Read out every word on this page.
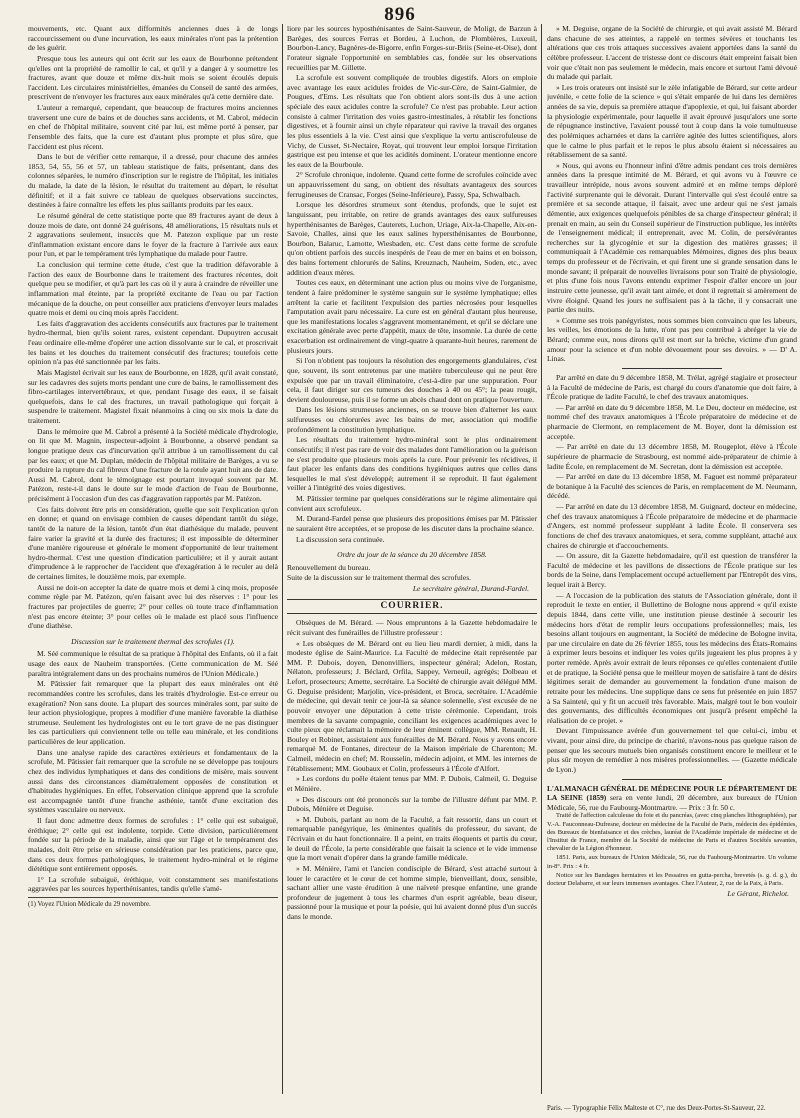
896

mouvements, etc. Quant aux difformités anciennes dues à de longs raccourcissement ou d'une incurvation, les eaux minérales n'ont pas la prétention de les guérir.

Presque tous les auteurs qui ont écrit sur les eaux de Bourbonne prétendent qu'elles ont la propriété de ramollir le cal, et qu'il y a danger à y soumettre les fractures, avant que douze et même dix-huit mois se soient écoulés depuis l'accident. Les circulaires ministérielles, émanées du Conseil de santé des armées, prescrivent de n'envoyer les fractures aux eaux minérales qu'à cette dernière date.

L'auteur a remarqué, cependant, que beaucoup de fractures moins anciennes traversent une cure de bains et de douches sans accidents, et M. Cabrol, médecin en chef de l'hôpital militaire, souvent cité par lui, est même porté à penser, par l'ensemble des faits, que la cure est d'autant plus prompte et plus sûre, que l'accident est plus récent.

Dans le but de vérifier cette remarque, il a dressé, pour chacune des années 1853, 54, 55, 56 et 57, un tableau statistique de faits, présentant, dans des colonnes séparées, le numéro d'inscription sur le registre de l'hôpital, les initiales du malade, la date de la lésion, le résultat du traitement au départ, le résultat définitif; et il a fait suivre ce tableau de quelques observations succinctes, destinées à faire connaître les effets les plus saillants produits par les eaux.

Le résumé général de cette statistique porte que 89 fractures ayant de deux à douze mois de date, ont donné 24 guérisons, 48 améliorations, 15 résultats nuls et 2 aggravations seulement, insuccès que M. Patezon explique par un reste d'inflammation existant encore dans le foyer de la fracture à l'arrivée aux eaux pour l'un, et par le tempérament très lymphatique du malade pour l'autre.

La conclusion qui termine cette étude, c'est que la tradition défavorable à l'action des eaux de Bourbonne dans le traitement des fractures récentes, doit quelque peu se modifier, et qu'à part les cas où il y aura à craindre de réveiller une inflammation mal éteinte, par la propriété excitante de l'eau ou par l'action mécanique de la douche, on peut conseiller aux praticiens d'envoyer leurs malades quatre mois et demi ou cinq mois après l'accident.

Les faits d'aggravation des accidents consécutifs aux fractures par le traitement hydro-thermal, bien qu'ils soient rares, existent cependant. Dupuytren accusait l'eau ordinaire elle-même d'opérer une action dissolvante sur le cal, et proscrivait les bains et les douches du traitement consécutif des fractures; toutefois cette opinion n'a pas été sanctionnée par les faits.

Mais Magistel écrivait sur les eaux de Bourbonne, en 1828, qu'il avait constaté, sur les cadavres des sujets morts pendant une cure de bains, le ramollissement des fibro-cartilages intervertébraux, et que, pendant l'usage des eaux, il se faisait quelquefois, dans le cal des fractures, un travail pathologique qui forçait à suspendre le traitement. Magistel fixait néanmoins à cinq ou six mois la date du traitement.

Dans le mémoire que M. Cabrol a présenté à la Société médicale d'hydrologie, on lit que M. Magnin, inspecteur-adjoint à Bourbonne, a observé pendant sa longue pratique deux cas d'incurvation qu'il attribue à un ramollissement du cal par les eaux; et que M. Duplan, médecin de l'hôpital militaire de Barèges, a vu se produire la rupture du cal fibreux d'une fracture de la rotule ayant huit ans de date. Aussi M. Cabrol, dont le témoignage est pourtant invoqué souvent par M. Patézon, reste-t-il dans le doute sur le mode d'action de l'eau de Bourbonne, précisément à l'occasion d'un des cas d'aggravation rapportés par M. Patézon.

Ces faits doivent être pris en considération, quelle que soit l'explication qu'on en donne; et quand on envisage combien de causes dépendant tantôt du siége, tantôt de la nature de la lésion, tantôt d'un état diathésique du malade, peuvent faire varier la gravité et la durée des fractures; il est impossible de déterminer d'une manière rigoureuse et générale le moment d'opportunité de leur traitement hydro-thermal. C'est une question d'indication particulière; et il y aurait autant d'imprudence à le rapprocher de l'accident que d'exagération à le reculer au delà de certaines limites, le douzième mois, par exemple.

Aussi ne doit-on accepter la date de quatre mois et demi à cinq mois, proposée comme règle par M. Patézon, qu'en faisant avec lui des réserves : 1° pour les fractures par projectiles de guerre; 2° pour celles où toute trace d'inflammation n'est pas encore éteinte; 3° pour celles où le malade est placé sous l'influence d'une diathèse.

Discussion sur le traitement thermal des scrofules (1).

M. Séé communique le résultat de sa pratique à l'hôpital des Enfants, où il a fait usage des eaux de Nauheim transportées. (Cette communication de M. Séé paraîtra intégralement dans un des prochains numéros de l'Union Médicale.)

M. Pâtissier fait remarquer que la plupart des eaux minérales ont été recommandées contre les scrofules, dans les traités d'hydrologie. Est-ce erreur ou exagération? Non sans doute. La plupart des sources minérales sont, par suite de leur action physiologique, propres à modifier d'une manière favorable la diathèse strumeuse. Seulement les hydrologistes ont eu le tort grave de ne pas distinguer les cas particuliers qui conviennent telle ou telle eau minérale, et les conditions particulières de leur application.

Dans une analyse rapide des caractères extérieurs et fondamentaux de la scrofule, M. Pâtissier fait remarquer que la scrofule ne se développe pas toujours chez des individus lymphatiques et dans des conditions de misère, mais souvent aussi dans des circonstances diamétralement opposées de constitution et d'habitudes hygiéniques. En effet, l'observation clinique apprend que la scrofule est accompagnée tantôt d'une franche asthénie, tantôt d'une excitation des systèmes vasculaire ou nerveux.

Il faut donc admettre deux formes de scrofules : 1° celle qui est subaiguë, éréthique; 2° celle qui est indolente, torpide. Cette division, particulièrement fondée sur la période de la maladie, ainsi que sur l'âge et le tempérament des malades, doit être prise en sérieuse considération par les praticiens, parce que, dans ces deux formes pathologiques, le traitement hydro-minéral et le régime diététique sont entièrement opposés.

1° La scrofule subaiguë, éréthique, voit constamment ses manifestations aggravées par les sources hyperthénisantes, tandis qu'elle s'amé-

(1) Voyez l'Union Médicale du 29 novembre.

liore par les sources hyposthénisantes de Saint-Sauveur, de Moligt, de Barzun à Barèges, des sources Ferras et Bordeu, à Luchon, de Plombières, Luxeuil, Bourbon-Lancy, Bagnères-de-Bigorre, enfin Forges-sur-Briis (Seine-et-Oise), dont l'orateur signale l'opportunité en semblables cas, fondée sur les observations recueillies par M. Gillette.

La scrofule est souvent compliquée de troubles digestifs. Alors on emploie avec avantage les eaux acidules froides de Vic-sur-Cère, de Saint-Galmier, de Pougues, d'Ems. Les résultats que l'on obtient alors sont-ils dus à une action spéciale des eaux acidules contre la scrofule? Ce n'est pas probable. Leur action consiste à calmer l'irritation des voies gastro-intestinales, à rétablir les fonctions digestives, et à fournir ainsi un chyle réparateur qui ravive la travail des organes les plus essentiels à la vie. C'est ainsi que s'explique la vertu antiscrofuleuse de Vichy, de Cusset, St-Nectaire, Royat, qui trouvent leur emploi lorsque l'irritation gastrique est peu intense et que les acidités dominent. L'orateur mentionne encore les eaux de la Bourboule.

2° Scrofule chronique, indolente. Quand cette forme de scrofules coïncide avec un appauvrissement du sang, on obtient des résultats avantageux des sources ferrugineuses de Cransac, Forges (Seine-Inférieure), Passy, Spa, Schwalbach.

Lorsque les désordres strumeux sont étendus, profonds, que le sujet est languissant, peu irritable, on retire de grands avantages des eaux sulfureuses hyperthénisantes de Barèges, Cauterets, Luchon, Uriage, Aix-la-Chapelle, Aix-en-Savoie, Challes, ainsi que les eaux salines hypersthénisantes de Bourbonne, Bourbon, Balaruc, Lamotte, Wiesbaden, etc. C'est dans cette forme de scrofule qu'on obtient parfois des succès inespérés de l'eau de mer en bains et en boisson, des bains fortement chlorurés de Salins, Kreuznach, Nauheim, Soden, etc., avec addition d'eaux mères.

Toutes ces eaux, en déterminant une action plus ou moins vive de l'organisme, tendent à faire prédominer le système sanguin sur le système lymphatique; elles arrêtent la carie et facilitent l'expulsion des parties nécrosées pour lesquelles l'amputation avait paru nécessaire. La cure est en général d'autant plus heureuse, que les manifestations locales s'aggravent momentanément, et qu'il se déclare une excitation générale avec perte d'appétit, maux de tête, insomnie. La durée de cette exacerbation est ordinairement de vingt-quatre à quarante-huit heures, rarement de plusieurs jours.

Si l'on n'obtient pas toujours la résolution des engorgements glandulaires, c'est que, souvent, ils sont entretenus par une matière tuberculeuse qui ne peut être expulsée que par un travail éliminatoire, c'est-à-dire par une suppuration. Pour cela, il faut diriger sur ces tumeurs des douches à 40 ou 45°; la peau rougit, devient douloureuse, puis il se forme un abcès chaud dont on pratique l'ouverture.

Dans les lésions strumeuses anciennes, on se trouve bien d'alterner les eaux sulfureuses ou chlorurées avec les bains de mer, association qui modifie profondément la constitution lymphatique.

Les résultats du traitement hydro-minéral sont le plus ordinairement consécutifs; il n'est pas rare de voir des malades dont l'amélioration ou la guérison ne s'est produite que plusieurs mois après la cure. Pour prévenir les récidives, il faut placer les enfants dans des conditions hygiéniques autres que celles dans lesquelles le mal s'est développé; autrement il se reproduit. Il faut également veiller à l'intégrité des voies digestives.

M. Pâtissier termine par quelques considérations sur le régime alimentaire qui convient aux scrofuleux.

M. Durand-Fardel pense que plusieurs des propositions émises par M. Pâtissier ne sauraient être acceptées, et se propose de les discuter dans la prochaine séance.

La discussion sera continuée.

Ordre du jour de la séance du 20 décembre 1858.

Renouvellement du bureau.

Suite de la discussion sur le traitement thermal des scrofules.

Le secrétaire général, Durand-Fardel.
COURRIER.

Obsèques de M. Bérard. — Nous empruntons à la Gazette hebdomadaire le récit suivant des funérailles de l'illustre professeur :

« Les obsèques de M. Bérard ont eu lieu lieu mardi dernier, à midi, dans la modeste église de Saint-Maurice. La Faculté de médecine était représentée par MM. P. Dubois, doyen, Denonvilliers, inspecteur général; Adelon, Rostan, Nélaton, professeurs; J. Béclard, Orfila, Sappey, Verneuil, agrégés; Dolbeau et Lefort, prosecteurs; Amette, secrétaire. La Société de chirurgie avait délégué MM. G. Deguise président; Marjolin, vice-président, et Broca, secrétaire. L'Académie de médecine, qui devait tenir ce jour-là sa séance solennelle, s'est excusée de ne pouvoir envoyer une députation à cette triste cérémonie. Cependant, trois membres de la savante compagnie, conciliant les exigences académiques avec le culte pieux que réclamait la mémoire de leur éminent collègue, MM. Renault, H. Bouley et Robinet, assistaient aux funérailles de M. Bérard. Nous y avons encore remarqué M. de Fontanes, directeur de la Maison impériale de Charenton; M. Calmeil, médecin en chef; M. Rousselin, médecin adjoint, et MM. les internes de l'établissement; MM. Goubaux et Colin, professeurs à l'École d'Alfort.

» Les cordons du poêle étaient tenus par MM. P. Dubois, Calmeil, G. Deguise et Ménière.

» Des discours ont été prononcés sur la tombe de l'illustre défunt par MM. P. Dubois, Ménière et Deguise.

» M. Dubois, parlant au nom de la Faculté, a fait ressortir, dans un court et remarquable panégyrique, les éminentes qualités du professeur, du savant, de l'écrivain et du haut fonctionnaire. Il a peint, en traits éloquents et partis du cœur, le deuil de l'École, la perte considérable que faisait la science et le vide immense que la mort venait d'opérer dans la grande famille médicale.

» M. Ménière, l'ami et l'ancien condisciple de Bérard, s'est attaché surtout à louer le caractère et le cœur de cet homme simple, bienveillant, doux, sensible, sachant allier une vaste érudition à une naïveté presque enfantine, une grande profondeur de jugement à tous les charmes d'un esprit agréable, beau diseur, passionné pour la musique et pour la poésie, qui lui avaient donné plus d'un succès dans le monde.

» M. Deguise, organe de la Société de chirurgie, et qui avait assisté M. Bérard dans chacune de ses atteintes, a rappelé en termes sévères et touchants les altérations que ces trois attaques successives avaient apportées dans la santé du célèbre professeur. L'accent de tristesse dont ce discours était empreint faisait bien voir que c'était non pas seulement le médecin, mais encore et surtout l'ami dévoué du malade qui parlait.

» Les trois orateurs ont insisté sur le zèle infatigable de Bérard, sur cette ardeur juvénile, « cette folie de la science » qui s'était emparée de lui dans les dernières années de sa vie, depuis sa première attaque d'apoplexie, et qui, lui faisant aborder la physiologie expérimentale, pour laquelle il avait éprouvé jusqu'alors une sorte de répugnance instinctive, l'avaient poussé tout à coup dans la voie tumultueuse des polémiques acharnées et dans la carrière agitée des luttes scientifiques, alors que le calme le plus parfait et le repos le plus absolu étaient si nécessaires au rétablissement de sa santé.

» Nous, qui avons eu l'honneur infini d'être admis pendant ces trois dernières années dans la presque intimité de M. Bérard, et qui avons vu à l'œuvre ce travailleur intrépide, nous avons souvent admiré et en même temps déploré l'activité surprenante qui le dévorait. Durant l'intervalle qui s'est écoulé entre sa première et sa seconde attaque, il faisait, avec une ardeur qui ne s'est jamais démentie, aux exigences quelquefois pénibles de sa charge d'inspecteur général; il prenait en main, au sein du Conseil supérieur de l'instruction publique, les intérêts de l'enseignement médical; il entreprenait, avec M. Colin, de persévérantes recherches sur la glycogénie et sur la digestion des matières grasses; il communiquait à l'Académie ces remarquables Mémoires, dignes des plus beaux temps du professeur et de l'écrivain, et qui firent une si grande sensation dans le monde savant; il préparait de nouvelles livraisons pour son Traité de physiologie, et plus d'une fois nous l'avons entendu exprimer l'espoir d'aller encore un jour instruire cette jeunesse, qu'il avait tant aimée, et dont il regrettait si amèrement de vivre éloigné. Quand les jours ne suffisaient pas à la tâche, il y consacrait une partie des nuits.

» Comme ses trois panégyristes, nous sommes bien convaincu que les labeurs, les veilles, les émotions de la lutte, n'ont pas peu contribué à abréger la vie de Bérard; comme eux, nous dirons qu'il est mort sur la brèche, victime d'un grand amour pour la science et d'un noble dévouement pour ses devoirs. » — D' A. Linas.

Par arrêté en date du 9 décembre 1858, M. Trélat, agrégé stagiaire et prosecteur à la Faculté de médecine de Paris, est chargé du cours d'anatomie que doit faire, à l'École pratique de ladite Faculté, le chef des travaux anatomiques.

— Par arrêté en date du 9 décembre 1858, M. Le Deu, docteur en médecine, est nommé chef des travaux anatomiques à l'École préparatoire de médecine et de pharmacie de Clermont, en remplacement de M. Boyer, dont la démission est acceptée.

— Par arrêté en date du 13 décembre 1858, M. Rougeplot, élève à l'École supérieure de pharmacie de Strasbourg, est nommé aide-préparateur de chimie à ladite École, en remplacement de M. Secretan, dont la démission est acceptée.

— Par arrêté en date du 13 décembre 1858, M. Faguet est nommé préparateur de botanique à la Faculté des sciences de Paris, en remplacement de M. Neumann, décédé.

— Par arrêté en date du 13 décembre 1858, M. Guignard, docteur en médecine, chef des travaux anatomiques à l'École préparatoire de médecine et de pharmacie d'Angers, est nommé professeur suppléant à ladite École. Il conservera ses fonctions de chef des travaux anatomiques, et sera, comme suppléant, attaché aux chaires de chirurgie et d'accouchements.

— On assure, dit la Gazette hebdomadaire, qu'il est question de transférer la Faculté de médecine et les pavillons de dissections de l'École pratique sur les bords de la Seine, dans l'emplacement occupé actuellement par l'Entrepôt des vins, lequel irait à Bercy.

— A l'occasion de la publication des statuts de l'Association générale, dont il reproduit le texte en entier, il Bullettino de Bologne nous apprend « qu'il existe depuis 1844, dans cette ville, une institution pieuse destinée à secourir les médecins hors d'état de remplir leurs occupations professionnelles; mais, les besoins allant toujours en augmentant, la Société de médecine de Bologne invita, par une circulaire en date du 26 février 1855, tous les médecins des États-Romains à exprimer leurs besoins et indiquer les voies qu'ils jugeaient les plus propres à y porter remède. Après avoir extrait de leurs réponses ce qu'elles contenaient d'utile et de pratique, la Société pensa que le meilleur moyen de satisfaire à tant de désirs légitimes serait de demander au gouvernement la fondation d'une maison de retraite pour les médecins. Une supplique dans ce sens fut présentée en juin 1857 à Sa Sainteté, qui y fit un accueil très favorable. Mais, malgré tout le bon vouloir des gouvernants, des difficultés économiques ont jusqu'à présent empêché la réalisation de ce projet. »

Devant l'impuissance avérée d'un gouvernement tel que celui-ci, imbu et vivant, pour ainsi dire, du principe de charité, n'avons-nous pas quelque raison de penser que les secours mutuels bien organisés constituent encore le meilleur et le plus sûr moyen de remédier à nos misères professionnelles. — (Gazette médicale de Lyon.)

L'ALMANACH GÉNÉRAL DE MÉDECINE POUR LE DÉPARTEMENT DE LA SEINE (1859) sera en vente lundi, 20 décembre, aux bureaux de l'Union Médicale, 56, rue du Faubourg-Montmartre. — Prix : 3 fr. 50 c.

Traité de l'affection calculeuse du foie et du pancréas, (avec cinq planches lithographiées), par V.-A. Fauconneau-Dufresne, docteur en médecine de la Faculté de Paris, médecin des épidémies, des Bureaux de bienfaisance et des crèches, lauréat de l'Académie impériale de médecine et de l'Institut de France, membre de la Société de médecine de Paris et d'autres Sociétés savantes, chevalier de la Légion d'honneur.

1851. Paris, aux bureaux de l'Union Médicale, 56, rue du Faubourg-Montmartre. Un volume in-8°. Prix : 4 fr.

Notice sur les Bandages herniaires et les Pessaires en gutta-percha, brevetés (s. g. d. g.), du docteur Delabarre, et sur leurs immenses avantages. Chez l'Auteur, 2, rue de la Paix, à Paris.

Le Gérant, Richelot.
Paris. — Typographie Félix Malteste et C°, rue des Deux-Portes-St-Sauveur, 22.
